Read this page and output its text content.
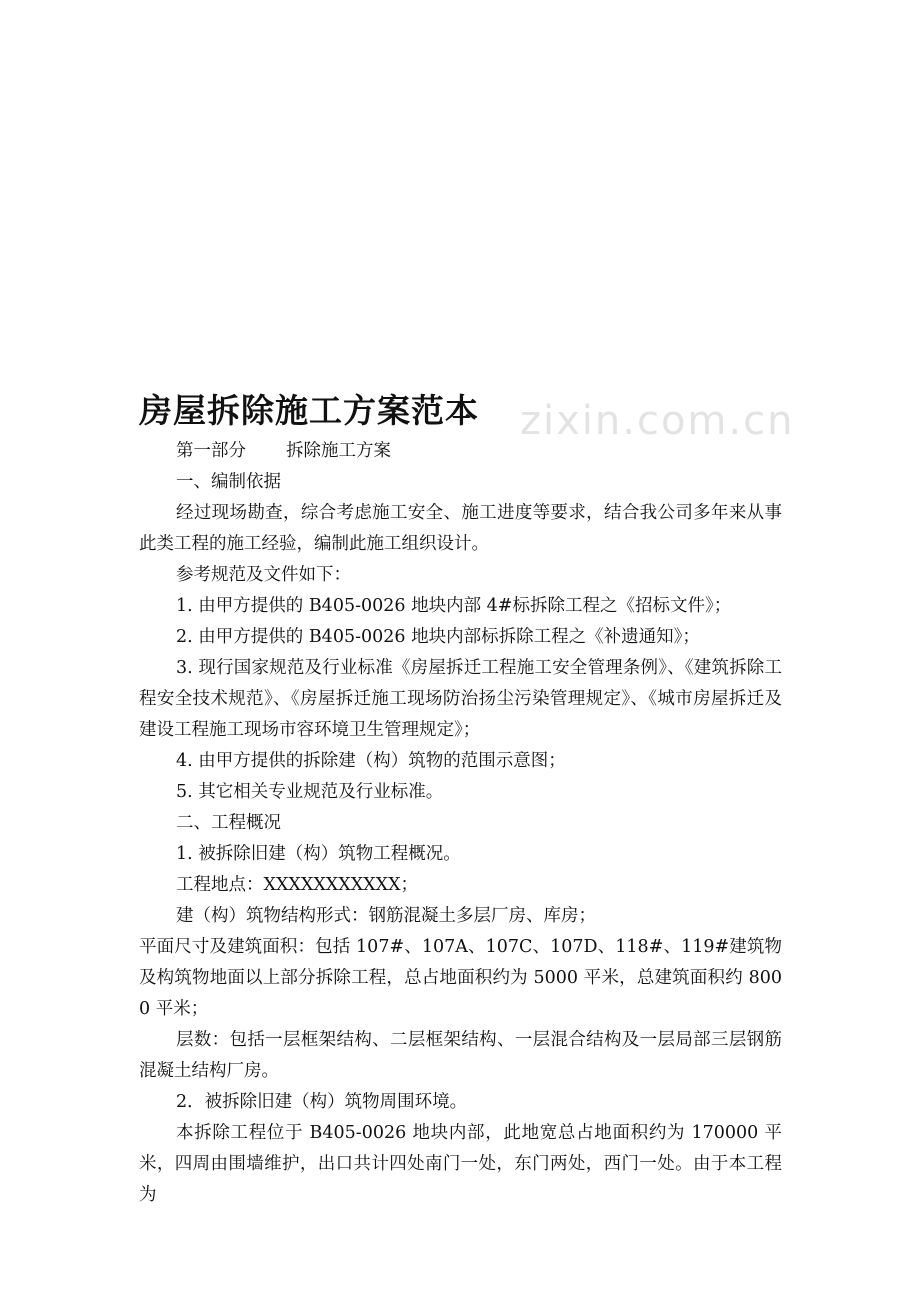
zixin.com.cn
房屋拆除施工方案范本

第一部分 拆除施工方案

一、编制依据

经过现场勘查，综合考虑施工安全、施工进度等要求，结合我公司多年来从事此类工程的施工经验，编制此施工组织设计。

参考规范及文件如下：

1. 由甲方提供的 B405-0026 地块内部 4#标拆除工程之《招标文件》；

2. 由甲方提供的 B405-0026 地块内部标拆除工程之《补遗通知》；

3. 现行国家规范及行业标准《房屋拆迁工程施工安全管理条例》、《建筑拆除工程安全技术规范》、《房屋拆迁施工现场防治扬尘污染管理规定》、《城市房屋拆迁及建设工程施工现场市容环境卫生管理规定》；

4. 由甲方提供的拆除建（构）筑物的范围示意图；

5. 其它相关专业规范及行业标准。

二、工程概况

1. 被拆除旧建（构）筑物工程概况。

工程地点：XXXXXXXXXXX；

建（构）筑物结构形式：钢筋混凝土多层厂房、库房；

平面尺寸及建筑面积：包括 107#、107A、107C、107D、118#、119#建筑物及构筑物地面以上部分拆除工程，总占地面积约为 5000 平米，总建筑面积约 8000 平米；

层数：包括一层框架结构、二层框架结构、一层混合结构及一层局部三层钢筋混凝土结构厂房。

2．被拆除旧建（构）筑物周围环境。

本拆除工程位于 B405-0026 地块内部，此地宽总占地面积约为 170000 平米，四周由围墙维护，出口共计四处南门一处，东门两处，西门一处。由于本工程为
